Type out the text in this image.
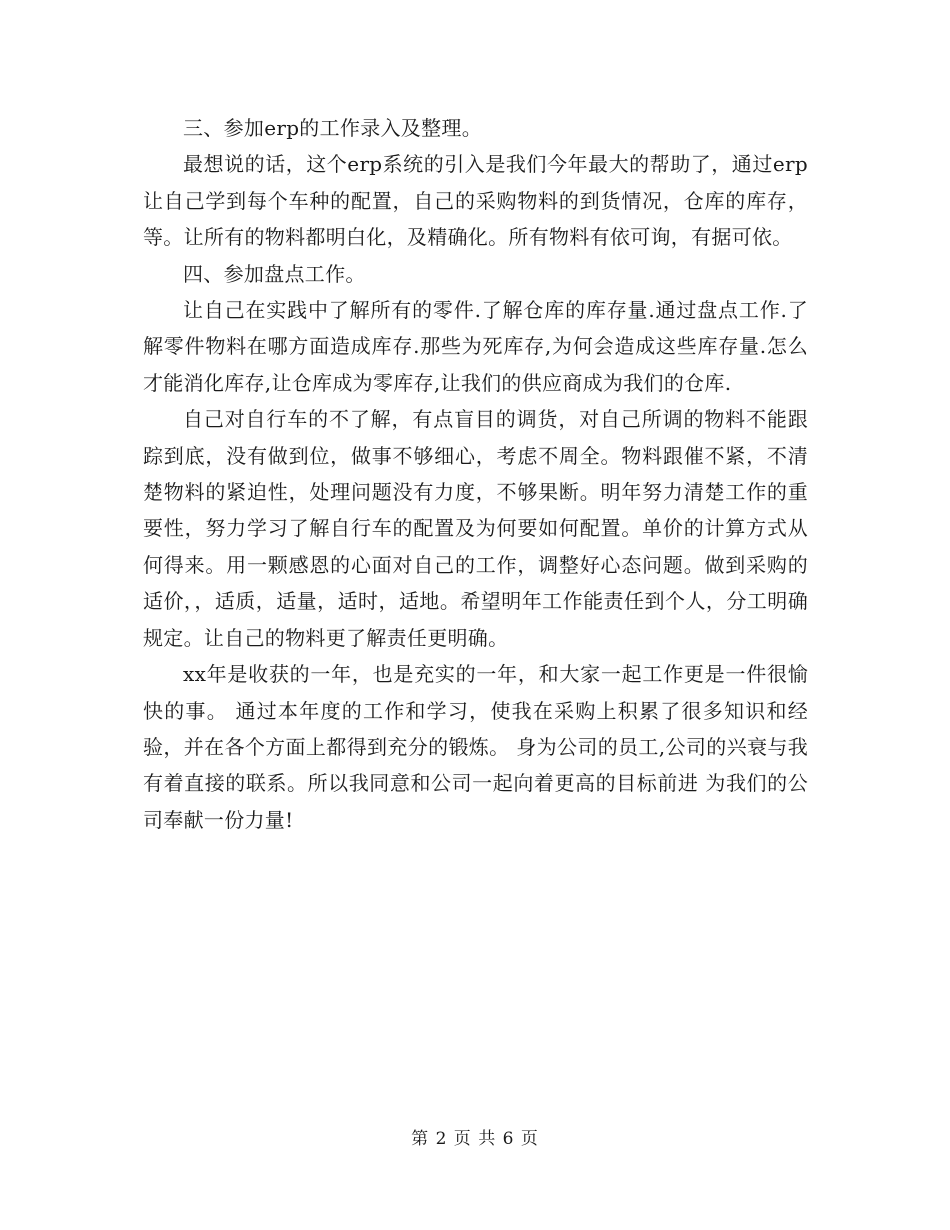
三、参加erp的工作录入及整理。

最想说的话，这个erp系统的引入是我们今年最大的帮助了，通过erp让自己学到每个车种的配置，自己的采购物料的到货情况，仓库的库存，等。让所有的物料都明白化，及精确化。所有物料有依可询，有据可依。

四、参加盘点工作。

让自己在实践中了解所有的零件.了解仓库的库存量.通过盘点工作.了解零件物料在哪方面造成库存.那些为死库存,为何会造成这些库存量.怎么才能消化库存,让仓库成为零库存,让我们的供应商成为我们的仓库.

自己对自行车的不了解，有点盲目的调货，对自己所调的物料不能跟踪到底，没有做到位，做事不够细心，考虑不周全。物料跟催不紧，不清楚物料的紧迫性，处理问题没有力度，不够果断。明年努力清楚工作的重要性，努力学习了解自行车的配置及为何要如何配置。单价的计算方式从何得来。用一颗感恩的心面对自己的工作，调整好心态问题。做到采购的适价，，适质，适量，适时，适地。希望明年工作能责任到个人，分工明确规定。让自己的物料更了解责任更明确。

xx年是收获的一年，也是充实的一年，和大家一起工作更是一件很愉快的事。 通过本年度的工作和学习，使我在采购上积累了很多知识和经验，并在各个方面上都得到充分的锻炼。 身为公司的员工,公司的兴衰与我有着直接的联系。所以我同意和公司一起向着更高的目标前进 为我们的公司奉献一份力量!

第 2 页 共 6 页
